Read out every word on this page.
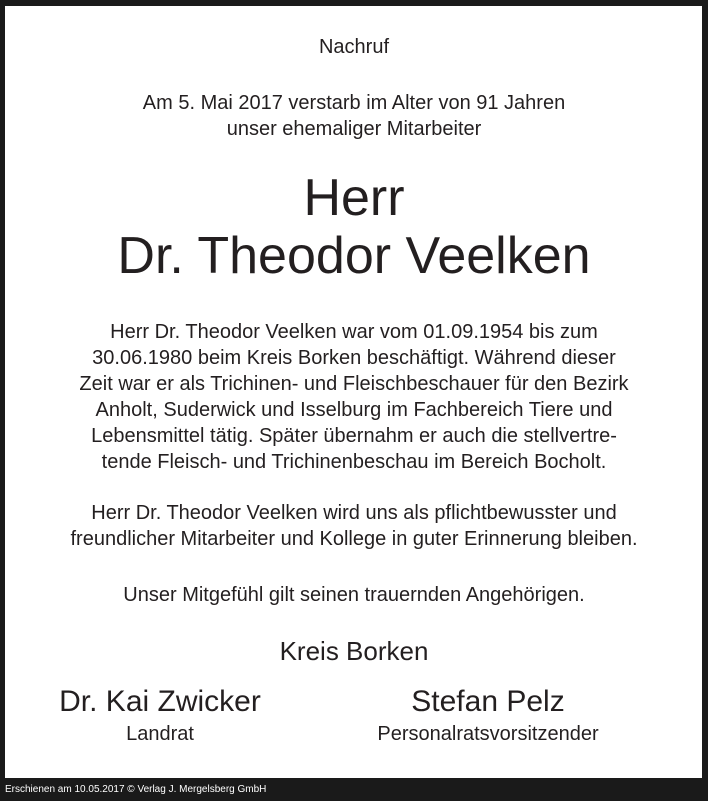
Nachruf
Am 5. Mai 2017 verstarb im Alter von 91 Jahren
unser ehemaliger Mitarbeiter
Herr
Dr. Theodor Veelken
Herr Dr. Theodor Veelken war vom 01.09.1954 bis zum
30.06.1980 beim Kreis Borken beschäftigt. Während dieser
Zeit war er als Trichinen- und Fleischbeschauer für den Bezirk
Anholt, Suderwick und Isselburg im Fachbereich Tiere und
Lebensmittel tätig. Später übernahm er auch die stellvertre-
tende Fleisch- und Trichinenbeschau im Bereich Bocholt.
Herr Dr. Theodor Veelken wird uns als pflichtbewusster und
freundlicher Mitarbeiter und Kollege in guter Erinnerung bleiben.
Unser Mitgefühl gilt seinen trauernden Angehörigen.
Kreis Borken
Dr. Kai Zwicker
Landrat
Stefan Pelz
Personalratsvorsitzender
Erschienen am 10.05.2017 © Verlag J. Mergelsberg GmbH
